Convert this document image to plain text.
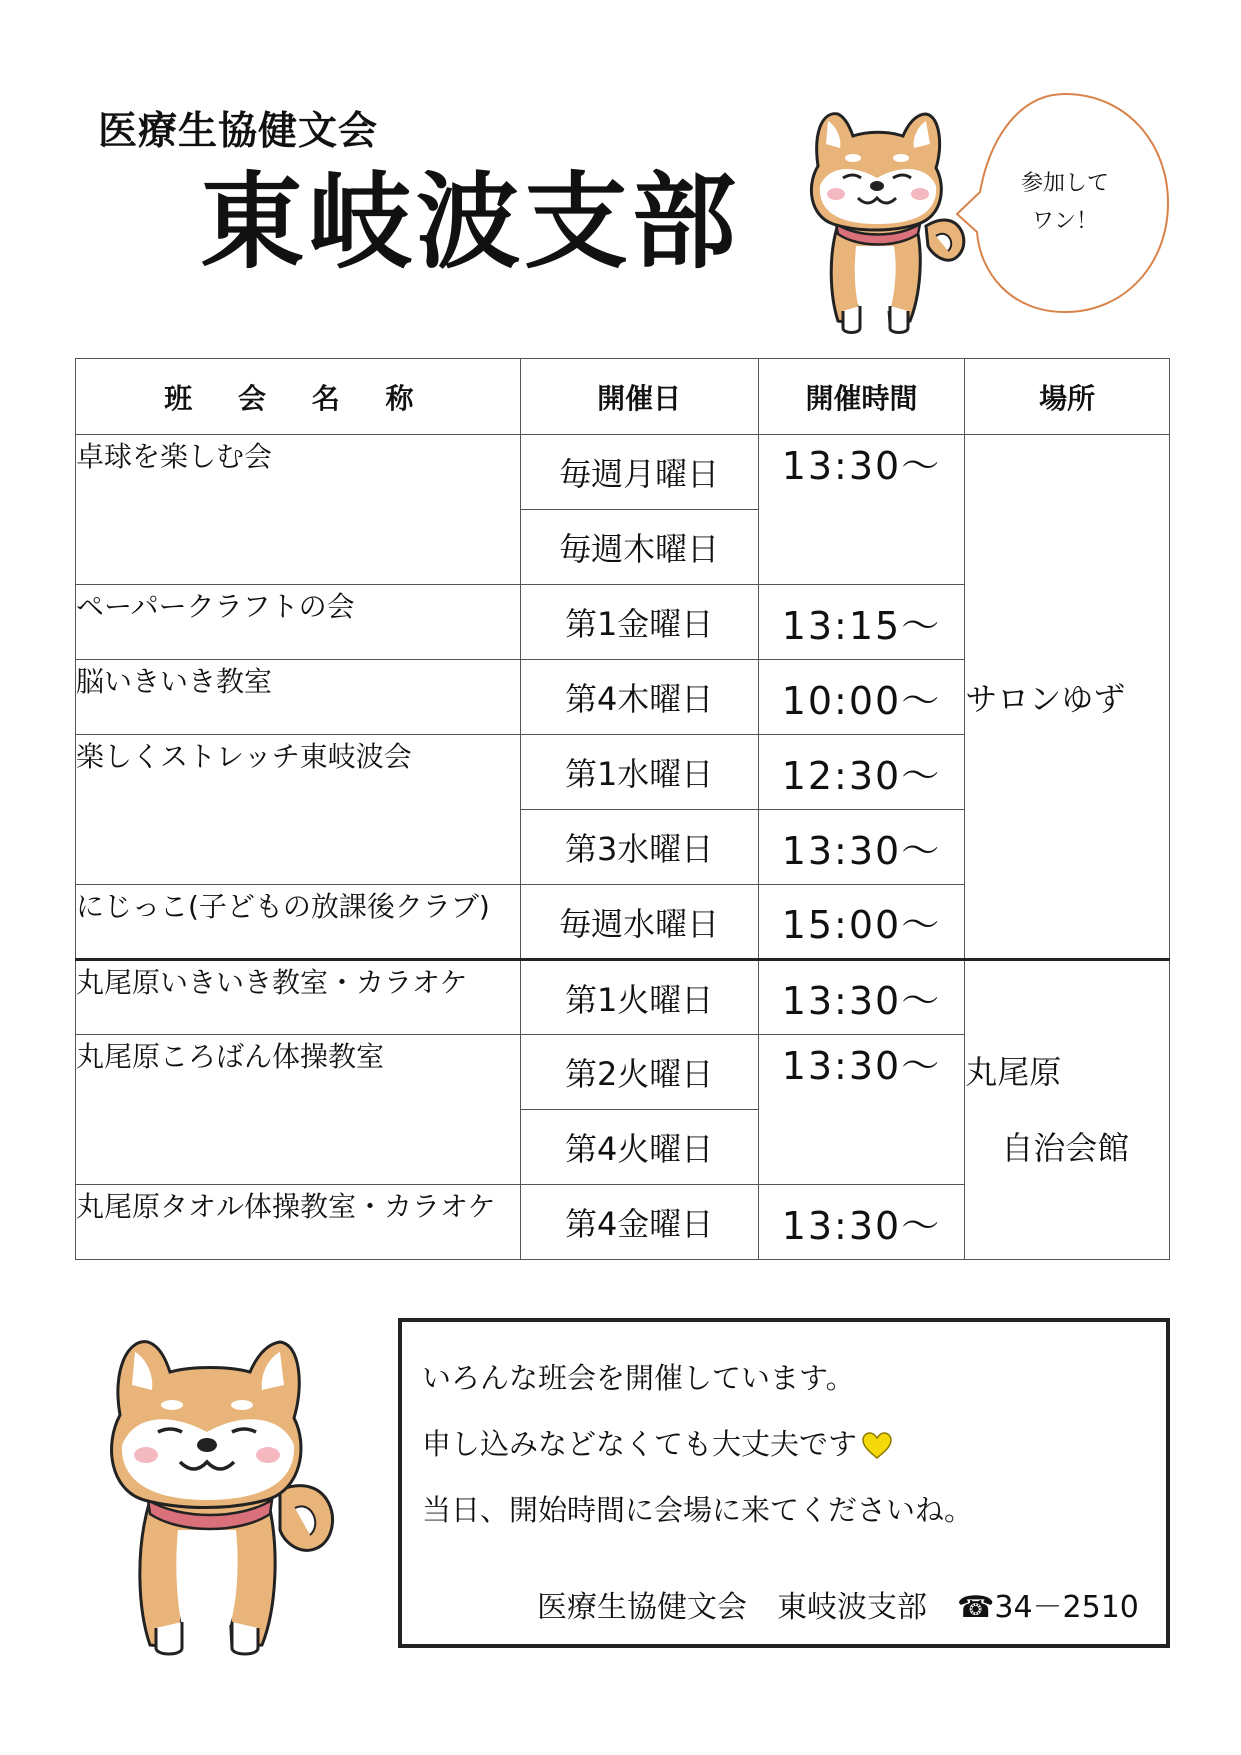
医療生協健文会
東岐波支部	参加して
ワン！
班 会 名 称	開催日	開催時間	場所
卓球を楽しむ会	毎週月曜日	13:30〜	サロンゆず
	毎週木曜日		
ペーパークラフトの会	第1金曜日	13:15〜	
脳いきいき教室	第4木曜日	10:00〜	
楽しくストレッチ東岐波会	第1水曜日	12:30〜	
	第3水曜日	13:30〜	
にじっこ(子どもの放課後クラブ)	毎週水曜日	15:00〜	
丸尾原いきいき教室・カラオケ	第1火曜日	13:30〜	丸尾原
自治会館

丸尾原ころばん体操教室	第2火曜日	13:30〜	
	第4火曜日		
丸尾原タオル体操教室・カラオケ	第4金曜日	13:30〜	
いろんな班会を開催しています。
申し込みなどなくても大丈夫です
当日、開始時間に会場に来てくださいね。
医療生協健文会　東岐波支部　☎34－2510
